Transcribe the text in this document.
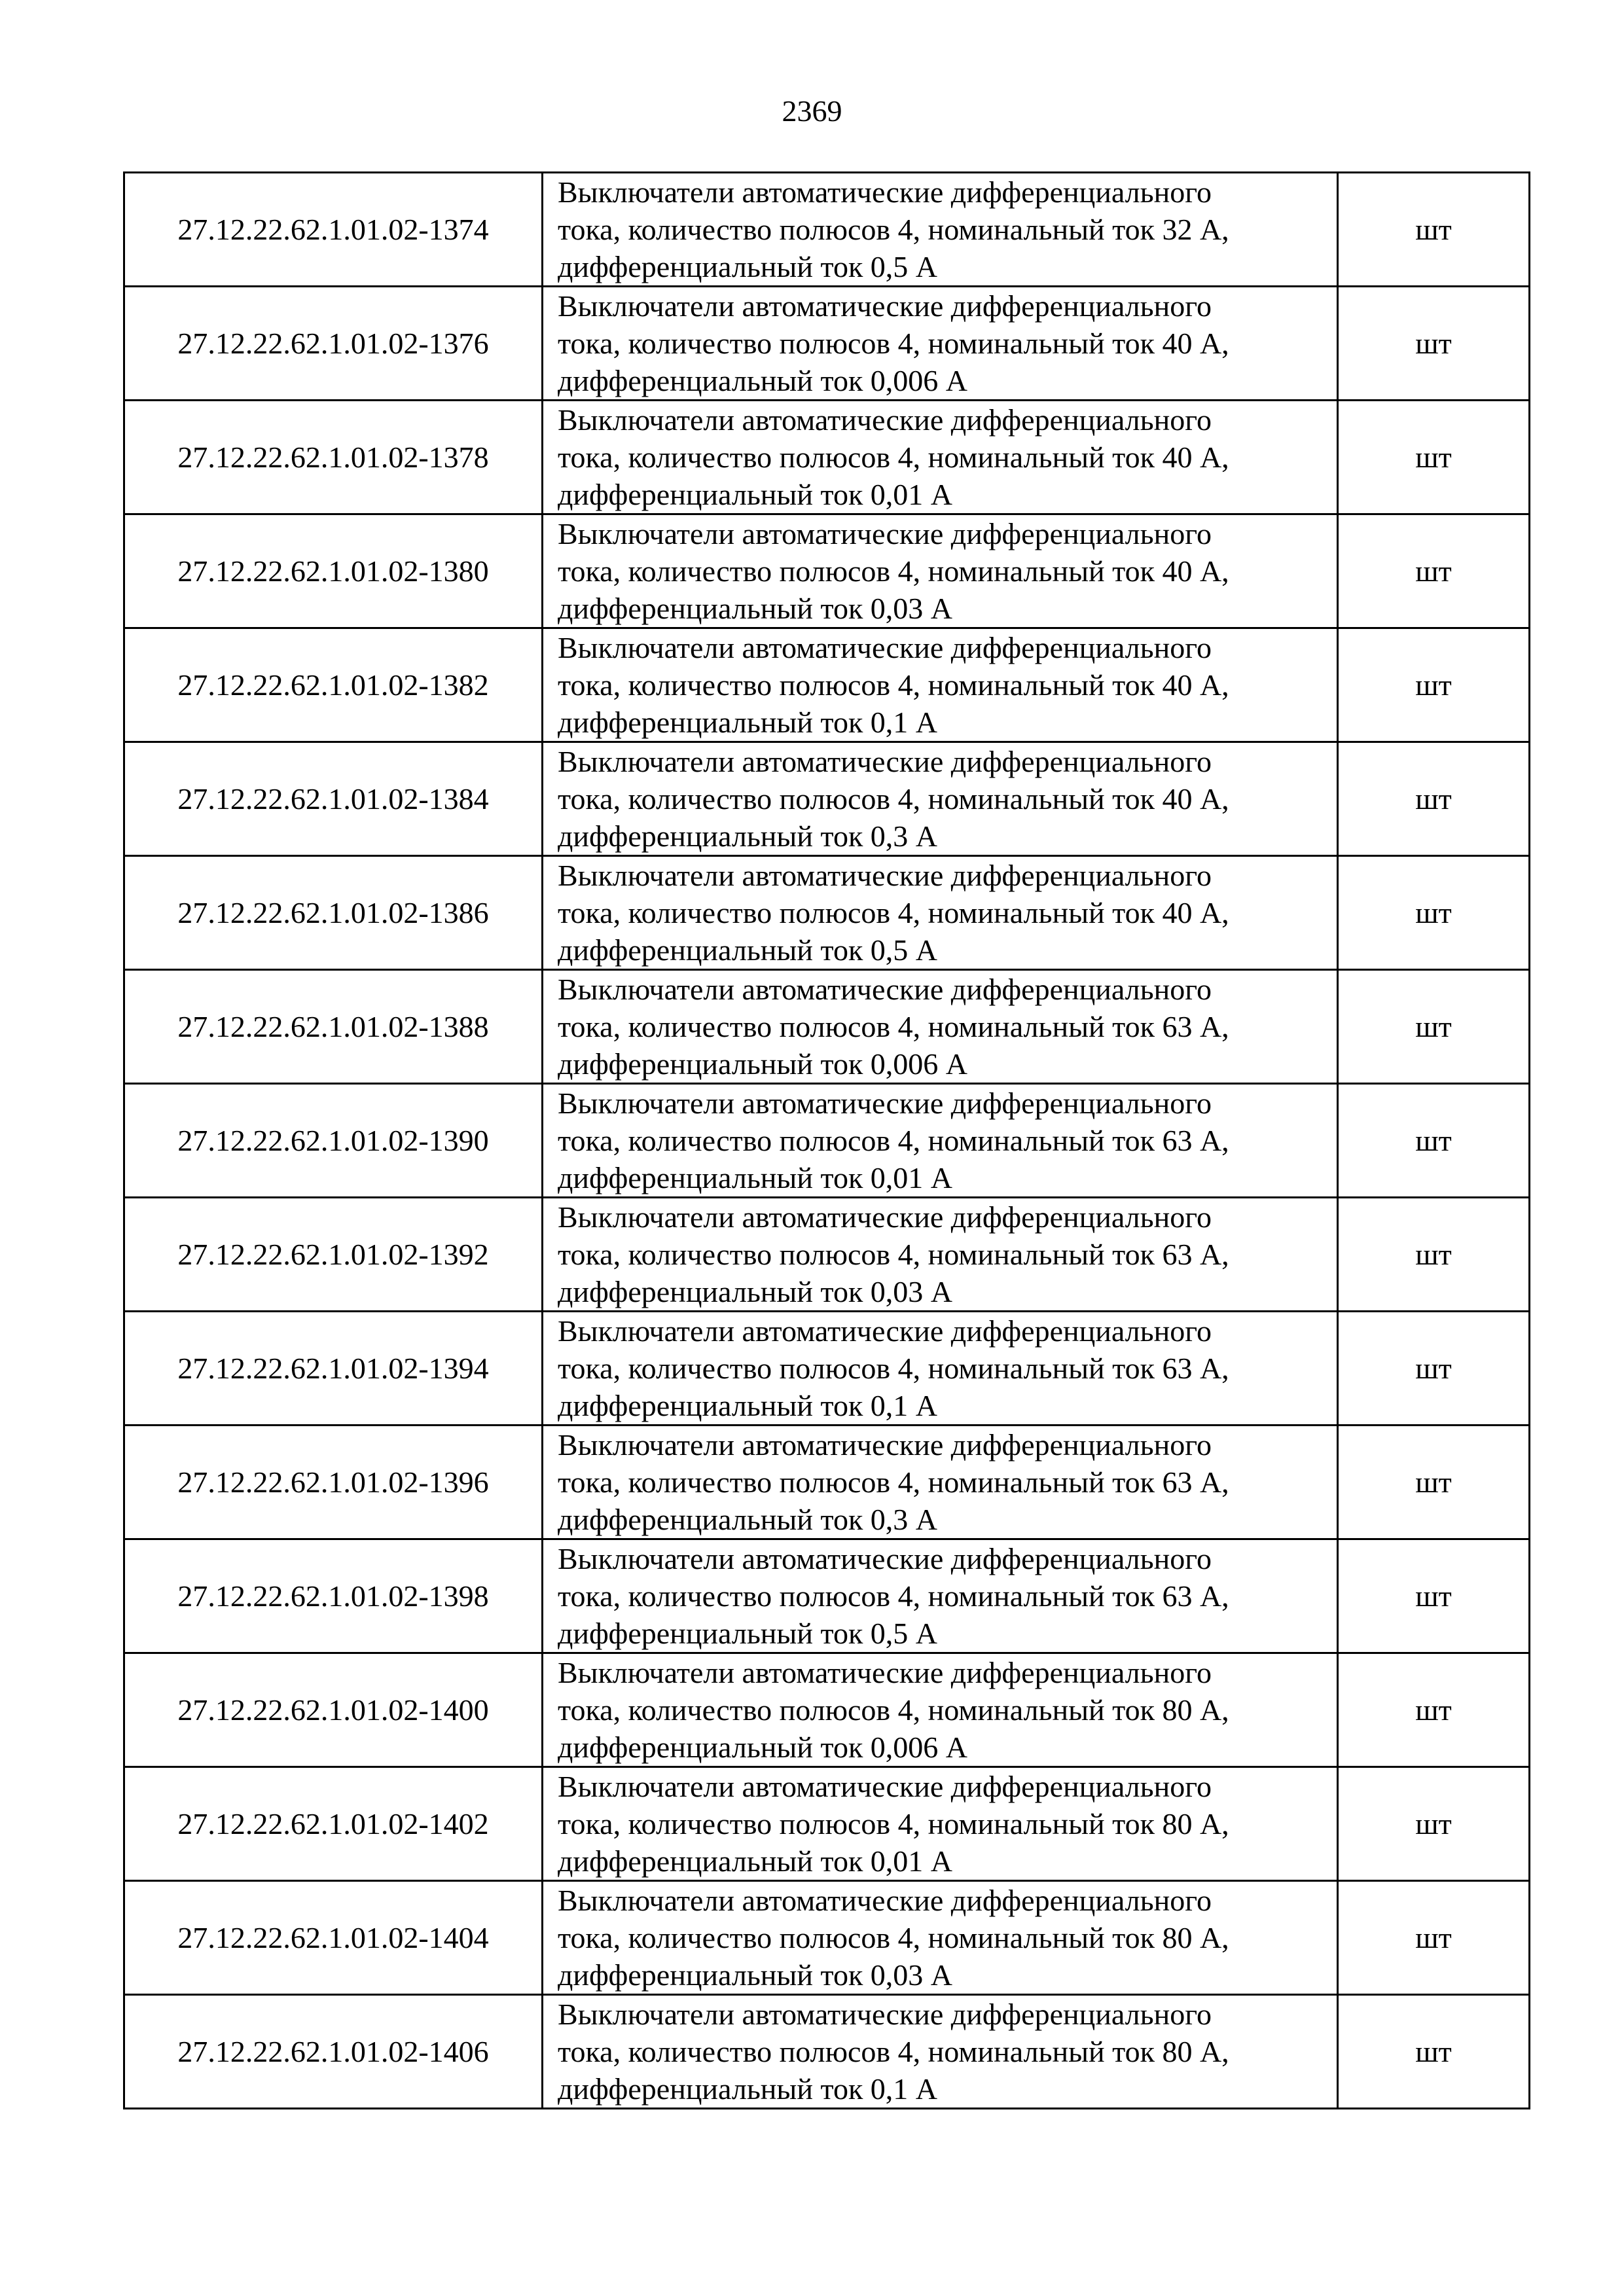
2369
27.12.22.62.1.01.02-1374	Выключатели автоматические дифференциального
тока, количество полюсов 4, номинальный ток 32 А,
дифференциальный ток 0,5 А	шт
27.12.22.62.1.01.02-1376	Выключатели автоматические дифференциального
тока, количество полюсов 4, номинальный ток 40 А,
дифференциальный ток 0,006 А	шт
27.12.22.62.1.01.02-1378	Выключатели автоматические дифференциального
тока, количество полюсов 4, номинальный ток 40 А,
дифференциальный ток 0,01 А	шт
27.12.22.62.1.01.02-1380	Выключатели автоматические дифференциального
тока, количество полюсов 4, номинальный ток 40 А,
дифференциальный ток 0,03 А	шт
27.12.22.62.1.01.02-1382	Выключатели автоматические дифференциального
тока, количество полюсов 4, номинальный ток 40 А,
дифференциальный ток 0,1 А	шт
27.12.22.62.1.01.02-1384	Выключатели автоматические дифференциального
тока, количество полюсов 4, номинальный ток 40 А,
дифференциальный ток 0,3 А	шт
27.12.22.62.1.01.02-1386	Выключатели автоматические дифференциального
тока, количество полюсов 4, номинальный ток 40 А,
дифференциальный ток 0,5 А	шт
27.12.22.62.1.01.02-1388	Выключатели автоматические дифференциального
тока, количество полюсов 4, номинальный ток 63 А,
дифференциальный ток 0,006 А	шт
27.12.22.62.1.01.02-1390	Выключатели автоматические дифференциального
тока, количество полюсов 4, номинальный ток 63 А,
дифференциальный ток 0,01 А	шт
27.12.22.62.1.01.02-1392	Выключатели автоматические дифференциального
тока, количество полюсов 4, номинальный ток 63 А,
дифференциальный ток 0,03 А	шт
27.12.22.62.1.01.02-1394	Выключатели автоматические дифференциального
тока, количество полюсов 4, номинальный ток 63 А,
дифференциальный ток 0,1 А	шт
27.12.22.62.1.01.02-1396	Выключатели автоматические дифференциального
тока, количество полюсов 4, номинальный ток 63 А,
дифференциальный ток 0,3 А	шт
27.12.22.62.1.01.02-1398	Выключатели автоматические дифференциального
тока, количество полюсов 4, номинальный ток 63 А,
дифференциальный ток 0,5 А	шт
27.12.22.62.1.01.02-1400	Выключатели автоматические дифференциального
тока, количество полюсов 4, номинальный ток 80 А,
дифференциальный ток 0,006 А	шт
27.12.22.62.1.01.02-1402	Выключатели автоматические дифференциального
тока, количество полюсов 4, номинальный ток 80 А,
дифференциальный ток 0,01 А	шт
27.12.22.62.1.01.02-1404	Выключатели автоматические дифференциального
тока, количество полюсов 4, номинальный ток 80 А,
дифференциальный ток 0,03 А	шт
27.12.22.62.1.01.02-1406	Выключатели автоматические дифференциального
тока, количество полюсов 4, номинальный ток 80 А,
дифференциальный ток 0,1 А	шт
